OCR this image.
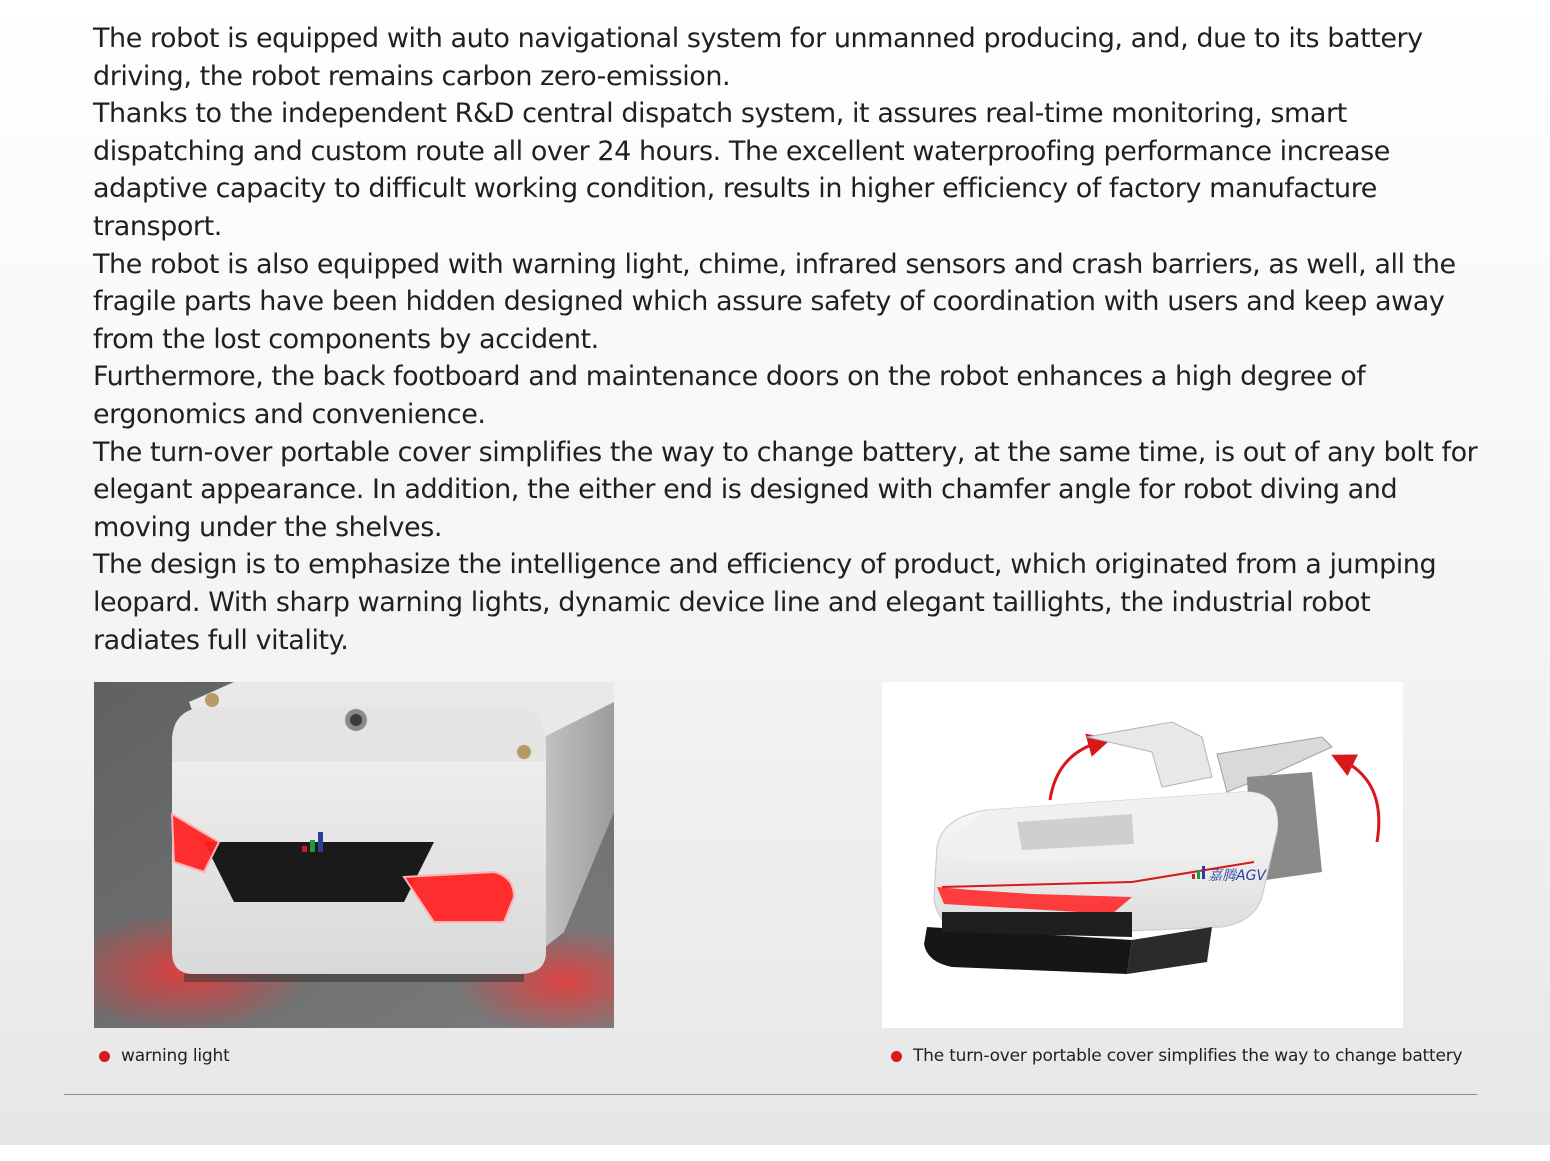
The robot is equipped with auto navigational system for unmanned producing, and, due to its battery driving, the robot remains carbon zero-emission.

Thanks to the independent R&D central dispatch system, it assures real-time monitoring, smart dispatching and custom route all over 24 hours. The excellent waterproofing performance increase adaptive capacity to difficult working condition, results in higher efficiency of factory manufacture transport.

The robot is also equipped with warning light, chime, infrared sensors and crash barriers, as well, all the fragile parts have been hidden designed which assure safety of coordination with users and keep away from the lost components by accident.

Furthermore, the back footboard and maintenance doors on the robot enhances a high degree of ergonomics and convenience.

The turn-over portable cover simplifies the way to change battery, at the same time, is out of any bolt for elegant appearance. In addition, the either end is designed with chamfer angle for robot diving and moving under the shelves.

The design is to emphasize the intelligence and efficiency of product, which originated from a jumping leopard. With sharp warning lights, dynamic device line and elegant taillights, the industrial robot radiates full vitality.

嘉腾AGV
warning light	The turn-over portable cover simplifies the way to change battery
